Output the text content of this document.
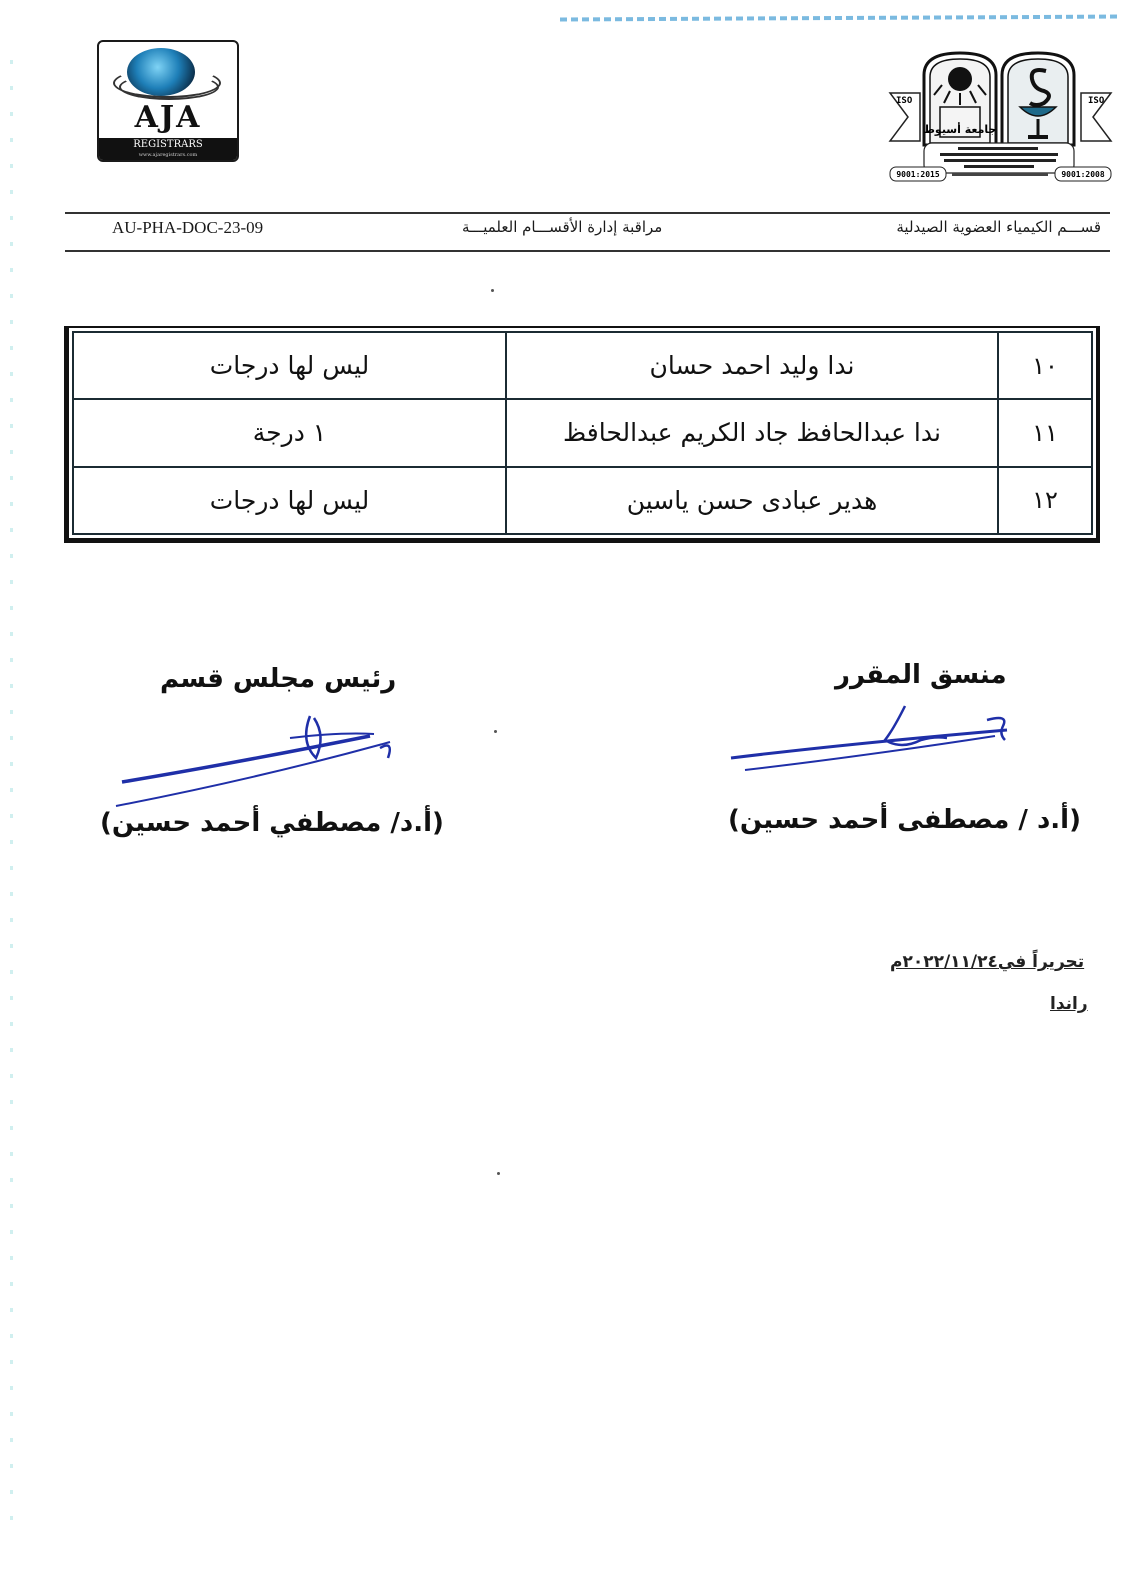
AJA
REGISTRARS
www.ajaregistrars.com
ISO	ISO
جامعة أسيوط
9001:2015	9001:2008
AU-PHA-DOC-23-09	مراقبة إدارة الأقســـام العلميـــة	قســـم الكيمياء العضوية الصيدلية
١٠	ندا وليد احمد حسان	ليس لها درجات
١١	ندا عبدالحافظ جاد الكريم عبدالحافظ	١ درجة
١٢	هدير عبادى حسن ياسين	ليس لها درجات
منسق المقرر
(أ.د / مصطفى أحمد حسين)
رئيس مجلس قسم
(أ.د/ مصطفي أحمد حسين)
تحريراً في٢٠٢٢/١١/٢٤م
راندا
